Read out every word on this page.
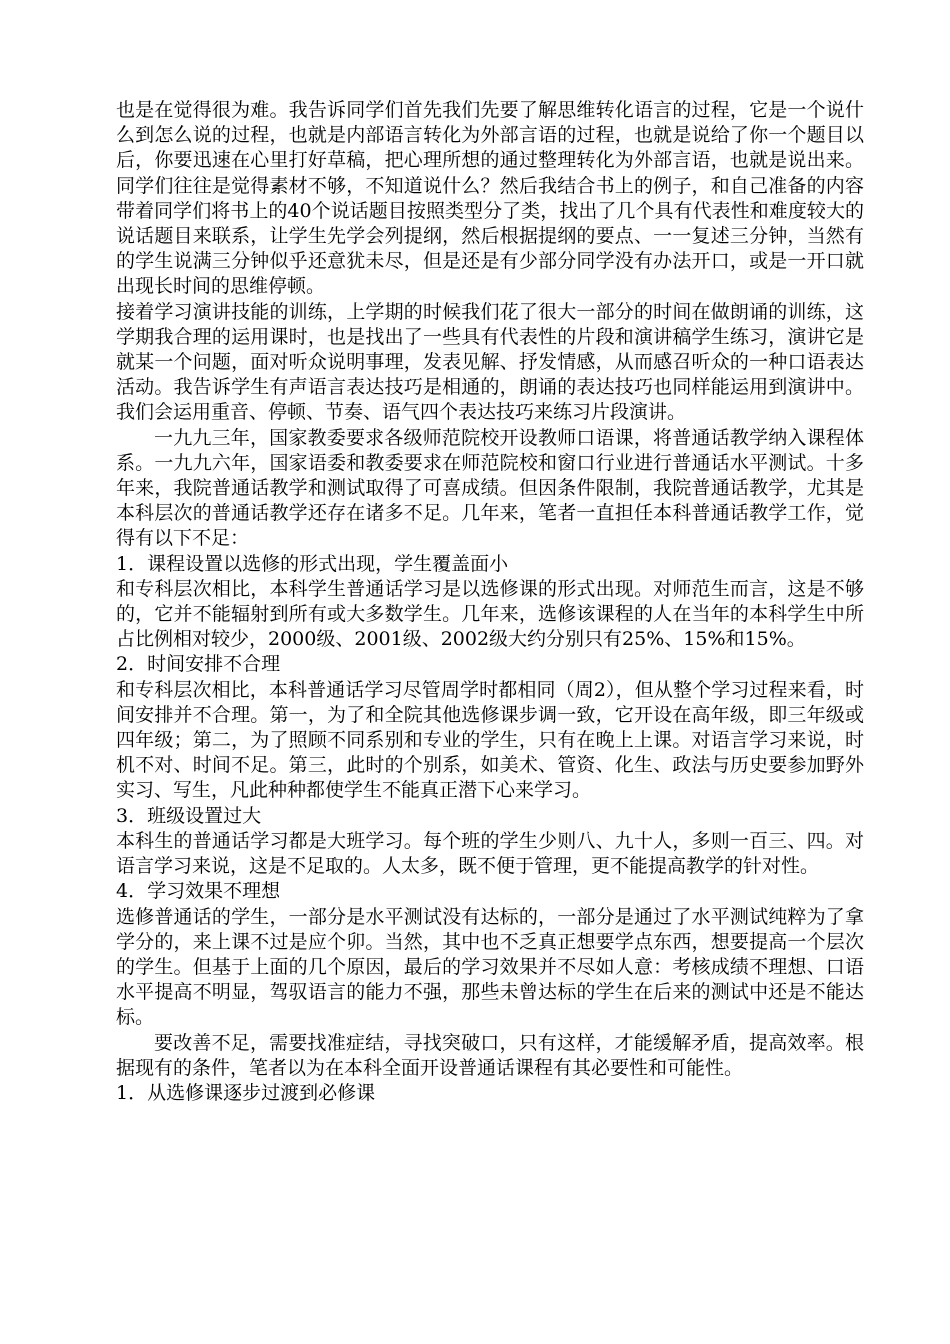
也是在觉得很为难。我告诉同学们首先我们先要了解思维转化语言的过程，它是一个说什么到怎么说的过程，也就是内部语言转化为外部言语的过程，也就是说给了你一个题目以后，你要迅速在心里打好草稿，把心理所想的通过整理转化为外部言语，也就是说出来。同学们往往是觉得素材不够，不知道说什么？然后我结合书上的例子，和自己准备的内容带着同学们将书上的40个说话题目按照类型分了类，找出了几个具有代表性和难度较大的说话题目来联系，让学生先学会列提纲，然后根据提纲的要点、一一复述三分钟，当然有的学生说满三分钟似乎还意犹未尽，但是还是有少部分同学没有办法开口，或是一开口就出现长时间的思维停顿。

接着学习演讲技能的训练，上学期的时候我们花了很大一部分的时间在做朗诵的训练，这学期我合理的运用课时，也是找出了一些具有代表性的片段和演讲稿学生练习，演讲它是就某一个问题，面对听众说明事理，发表见解、抒发情感，从而感召听众的一种口语表达活动。我告诉学生有声语言表达技巧是相通的，朗诵的表达技巧也同样能运用到演讲中。我们会运用重音、停顿、节奏、语气四个表达技巧来练习片段演讲。

一九九三年，国家教委要求各级师范院校开设教师口语课，将普通话教学纳入课程体系。一九九六年，国家语委和教委要求在师范院校和窗口行业进行普通话水平测试。十多年来，我院普通话教学和测试取得了可喜成绩。但因条件限制，我院普通话教学，尤其是本科层次的普通话教学还存在诸多不足。几年来，笔者一直担任本科普通话教学工作，觉得有以下不足：

1．课程设置以选修的形式出现，学生覆盖面小

和专科层次相比，本科学生普通话学习是以选修课的形式出现。对师范生而言，这是不够的，它并不能辐射到所有或大多数学生。几年来，选修该课程的人在当年的本科学生中所占比例相对较少，2000级、2001级、2002级大约分别只有25%、15%和15%。

2．时间安排不合理

和专科层次相比，本科普通话学习尽管周学时都相同（周2），但从整个学习过程来看，时间安排并不合理。第一，为了和全院其他选修课步调一致，它开设在高年级，即三年级或四年级；第二，为了照顾不同系别和专业的学生，只有在晚上上课。对语言学习来说，时机不对、时间不足。第三，此时的个别系，如美术、管资、化生、政法与历史要参加野外实习、写生，凡此种种都使学生不能真正潜下心来学习。

3．班级设置过大

本科生的普通话学习都是大班学习。每个班的学生少则八、九十人，多则一百三、四。对语言学习来说，这是不足取的。人太多，既不便于管理，更不能提高教学的针对性。

4．学习效果不理想

选修普通话的学生，一部分是水平测试没有达标的，一部分是通过了水平测试纯粹为了拿学分的，来上课不过是应个卯。当然，其中也不乏真正想要学点东西，想要提高一个层次的学生。但基于上面的几个原因，最后的学习效果并不尽如人意：考核成绩不理想、口语水平提高不明显，驾驭语言的能力不强，那些未曾达标的学生在后来的测试中还是不能达标。

要改善不足，需要找准症结，寻找突破口，只有这样，才能缓解矛盾，提高效率。根据现有的条件，笔者以为在本科全面开设普通话课程有其必要性和可能性。

1．从选修课逐步过渡到必修课
